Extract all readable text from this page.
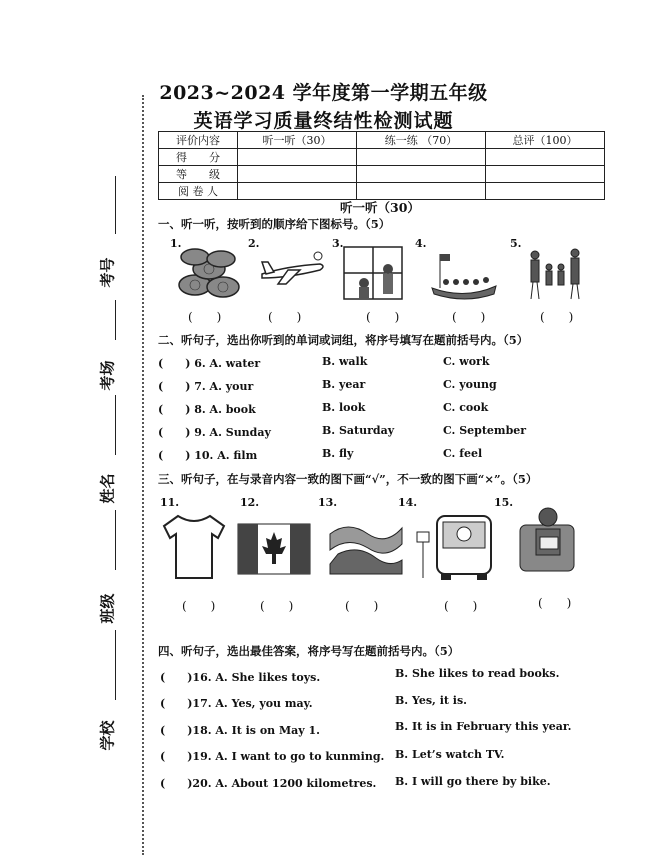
2023~2024 学年度第一学期五年级
英语学习质量终结性检测试题
评价内容	听一听（30）	练一练 （70）	总评（100）
得　　分			
等　　级			
阅 卷 人			
考号
考场
姓名
班级
学校
听一听（30）
一、听一听，按听到的顺序给下图标号。（5）
1.	2.	3.	4.	5.
(　　)	(　　)	(　　)	(　　)	(　　)
二、听句子，选出你听到的单词或词组，将序号填写在题前括号内。（5）
(　　) 6. A. water	B. walk	C. work
(　　) 7. A. your	B. year	C. young
(　　) 8. A. book	B. look	C. cook
(　　) 9. A. Sunday	B. Saturday	C. September
(　　) 10. A. film	B. fly	C. feel
三、听句子，在与录音内容一致的图下画“√”，不一致的图下画“×”。（5）
11.	12.	13.	14.	15.
(　　)	(　　)	(　　)	(　　)	(　　)
四、听句子，选出最佳答案，将序号写在题前括号内。（5）
(　　)16. A. She likes toys.	B. She likes to read books.
(　　)17. A. Yes, you may.	B. Yes, it is.
(　　)18. A. It is on May 1.	B. It is in February this year.
(　　)19. A. I want to go to kunming. B. Let’s watch TV.
(　　)20. A. About 1200 kilometres. B. I will go there by bike.
